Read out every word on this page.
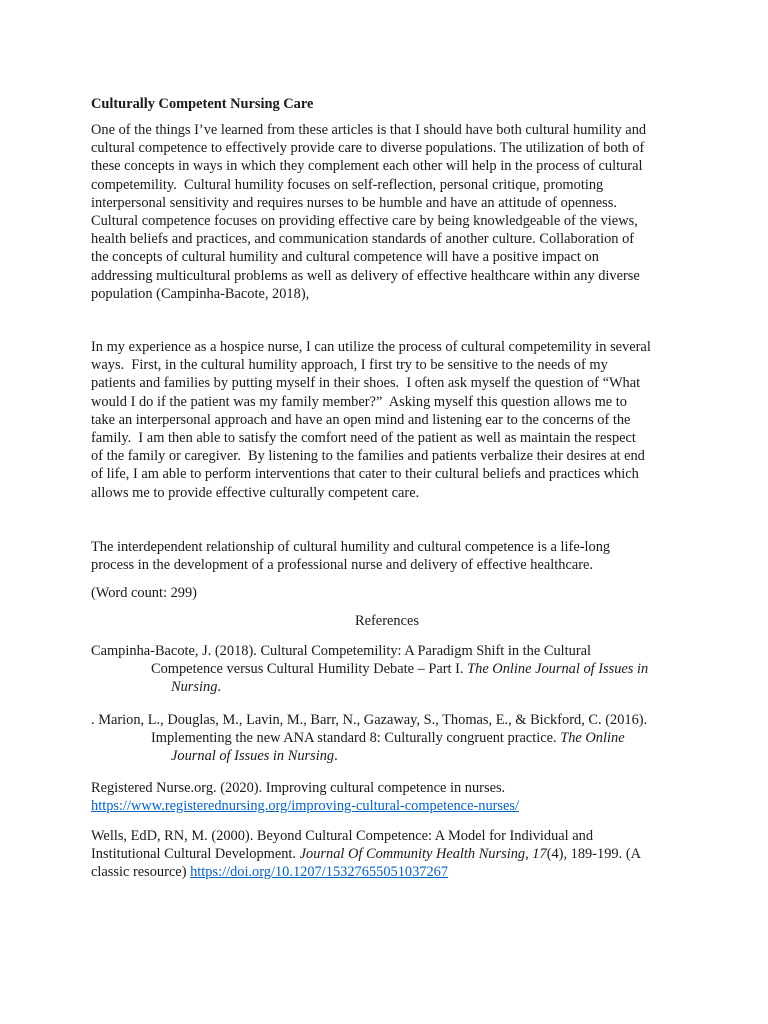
Culturally Competent Nursing Care
One of the things I’ve learned from these articles is that I should have both cultural humility and
cultural competence to effectively provide care to diverse populations. The utilization of both of
these concepts in ways in which they complement each other will help in the process of cultural
competemility.  Cultural humility focuses on self-reflection, personal critique, promoting
interpersonal sensitivity and requires nurses to be humble and have an attitude of openness.
Cultural competence focuses on providing effective care by being knowledgeable of the views,
health beliefs and practices, and communication standards of another culture. Collaboration of
the concepts of cultural humility and cultural competence will have a positive impact on
addressing multicultural problems as well as delivery of effective healthcare within any diverse
population (Campinha-Bacote, 2018),
In my experience as a hospice nurse, I can utilize the process of cultural competemility in several
ways.  First, in the cultural humility approach, I first try to be sensitive to the needs of my
patients and families by putting myself in their shoes.  I often ask myself the question of “What
would I do if the patient was my family member?”  Asking myself this question allows me to
take an interpersonal approach and have an open mind and listening ear to the concerns of the
family.  I am then able to satisfy the comfort need of the patient as well as maintain the respect
of the family or caregiver.  By listening to the families and patients verbalize their desires at end
of life, I am able to perform interventions that cater to their cultural beliefs and practices which
allows me to provide effective culturally competent care.
The interdependent relationship of cultural humility and cultural competence is a life-long
process in the development of a professional nurse and delivery of effective healthcare.
(Word count: 299)
References
Campinha-Bacote, J. (2018). Cultural Competemility: A Paradigm Shift in the Cultural
Competence versus Cultural Humility Debate – Part I. The Online Journal of Issues in
Nursing.
. Marion, L., Douglas, M., Lavin, M., Barr, N., Gazaway, S., Thomas, E., & Bickford, C. (2016).
Implementing the new ANA standard 8: Culturally congruent practice. The Online
Journal of Issues in Nursing.
Registered Nurse.org. (2020). Improving cultural competence in nurses.
https://www.registerednursing.org/improving-cultural-competence-nurses/
Wells, EdD, RN, M. (2000). Beyond Cultural Competence: A Model for Individual and
Institutional Cultural Development. Journal Of Community Health Nursing, 17(4), 189-199. (A
classic resource) https://doi.org/10.1207/15327655051037267
